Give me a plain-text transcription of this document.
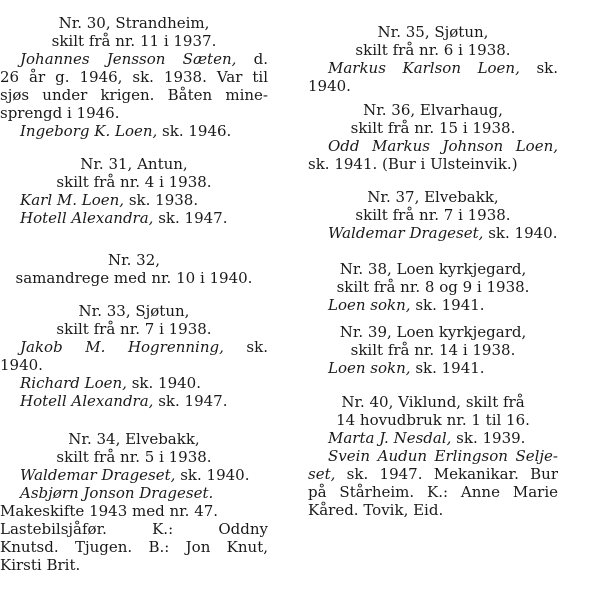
Nr. 30, Strandheim,
skilt frå nr. 11 i 1937.
Johannes Jensson Sæten, d.
26 år g. 1946, sk. 1938. Var til
sjøs under krigen. Båten mine-
sprengd i 1946.
Ingeborg K. Loen, sk. 1946.
Nr. 31, Antun,
skilt frå nr. 4 i 1938.
Karl M. Loen, sk. 1938.
Hotell Alexandra, sk. 1947.
Nr. 32,
samandrege med nr. 10 i 1940.
Nr. 33, Sjøtun,
skilt frå nr. 7 i 1938.
Jakob M. Hogrenning, sk.
1940.
Richard Loen, sk. 1940.
Hotell Alexandra, sk. 1947.
Nr. 34, Elvebakk,
skilt frå nr. 5 i 1938.
Waldemar Drageset, sk. 1940.
Asbjørn Jonson Drageset.
Makeskifte 1943 med nr. 47.
Lastebilsjåfør. K.: Oddny
Knutsd. Tjugen. B.: Jon Knut,
Kirsti Brit.
Nr. 35, Sjøtun,
skilt frå nr. 6 i 1938.
Markus Karlson Loen, sk.
1940.
Nr. 36, Elvarhaug,
skilt frå nr. 15 i 1938.
Odd Markus Johnson Loen,
sk. 1941. (Bur i Ulsteinvik.)
Nr. 37, Elvebakk,
skilt frå nr. 7 i 1938.
Waldemar Drageset, sk. 1940.
Nr. 38, Loen kyrkjegard,
skilt frå nr. 8 og 9 i 1938.
Loen sokn, sk. 1941.
Nr. 39, Loen kyrkjegard,
skilt frå nr. 14 i 1938.
Loen sokn, sk. 1941.
Nr. 40, Viklund, skilt frå
14 hovudbruk nr. 1 til 16.
Marta J. Nesdal, sk. 1939.
Svein Audun Erlingson Selje-
set, sk. 1947. Mekanikar. Bur
på Stårheim. K.: Anne Marie
Kåred. Tovik, Eid.
